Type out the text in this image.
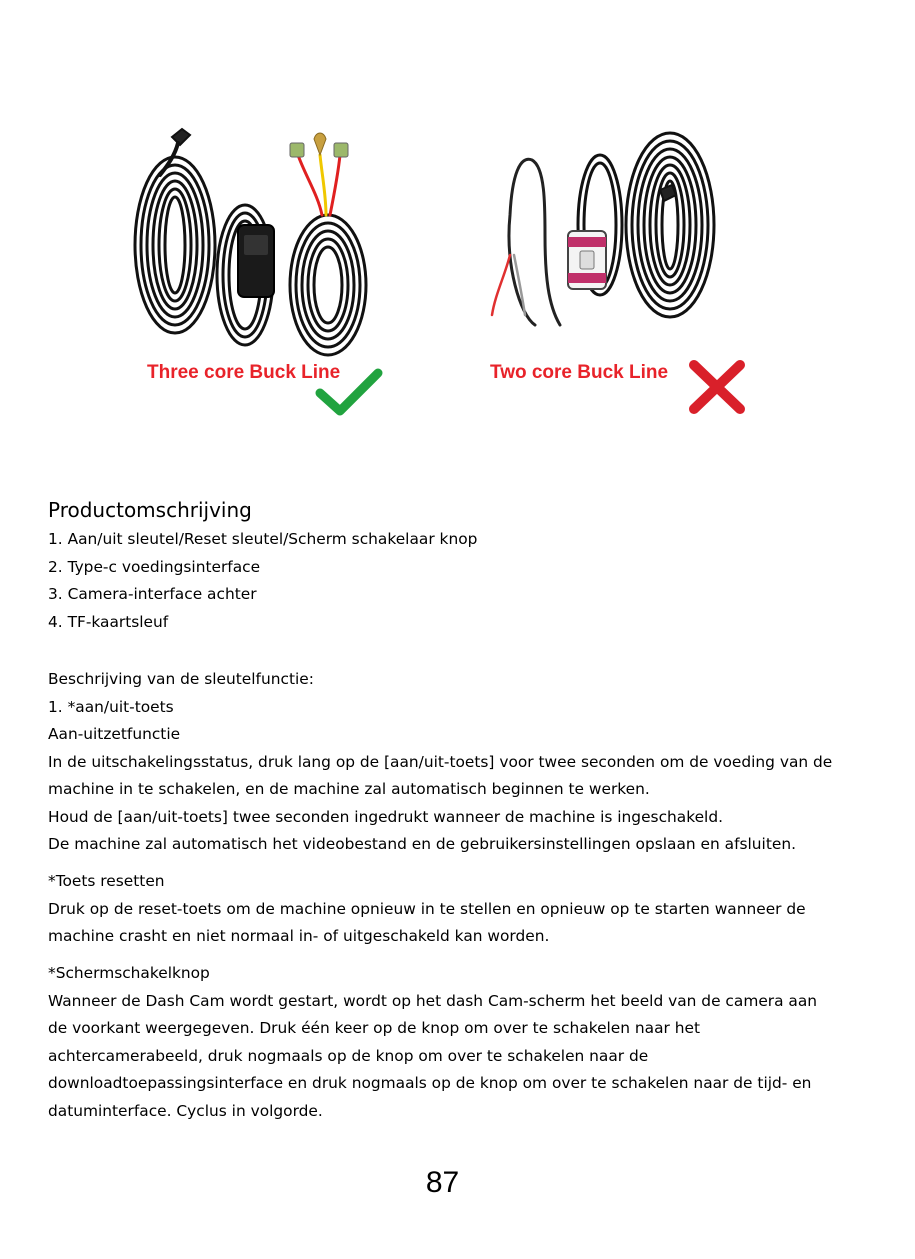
Three core Buck Line	Two core Buck Line
Productomschrijving
1. Aan/uit sleutel/Reset sleutel/Scherm schakelaar knop
2. Type-c voedingsinterface
3. Camera-interface achter
4. TF-kaartsleuf
Beschrijving van de sleutelfunctie:
1. *aan/uit-toets
Aan-uitzetfunctie
In de uitschakelingsstatus, druk lang op de [aan/uit-toets] voor twee seconden om de voeding van de
machine in te schakelen, en de machine zal automatisch beginnen te werken.
Houd de [aan/uit-toets] twee seconden ingedrukt wanneer de machine is ingeschakeld.
De machine zal automatisch het videobestand en de gebruikersinstellingen opslaan en afsluiten.
*Toets resetten
Druk op de reset-toets om de machine opnieuw in te stellen en opnieuw op te starten wanneer de
machine crasht en niet normaal in- of uitgeschakeld kan worden.
*Schermschakelknop
Wanneer de Dash Cam wordt gestart, wordt op het dash Cam-scherm het beeld van de camera aan
de voorkant weergegeven. Druk één keer op de knop om over te schakelen naar het
achtercamerabeeld, druk nogmaals op de knop om over te schakelen naar de
downloadtoepassingsinterface en druk nogmaals op de knop om over te schakelen naar de tijd- en
datuminterface. Cyclus in volgorde.
87
